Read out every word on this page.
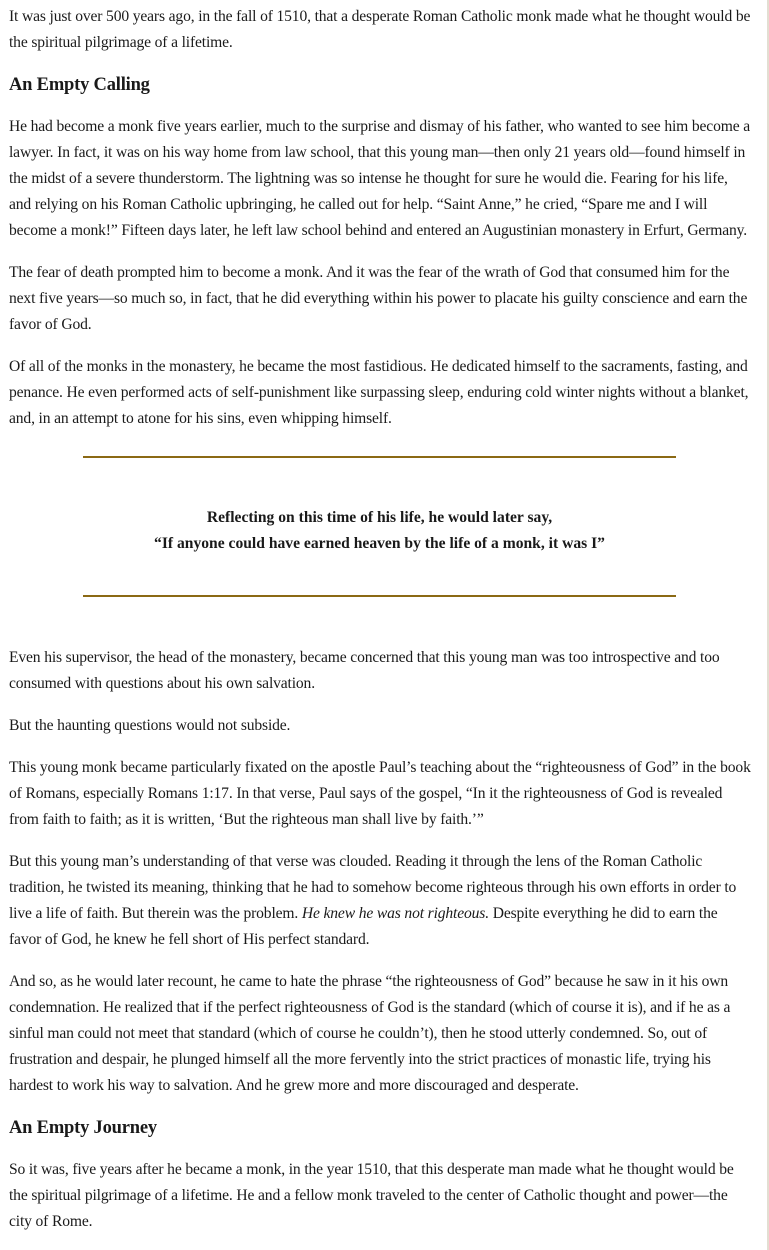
It was just over 500 years ago, in the fall of 1510, that a desperate Roman Catholic monk made what he thought would be the spiritual pilgrimage of a lifetime.

An Empty Calling

He had become a monk five years earlier, much to the surprise and dismay of his father, who wanted to see him become a lawyer. In fact, it was on his way home from law school, that this young man—then only 21 years old—found himself in the midst of a severe thunderstorm. The lightning was so intense he thought for sure he would die. Fearing for his life, and relying on his Roman Catholic upbringing, he called out for help. “Saint Anne,” he cried, “Spare me and I will become a monk!” Fifteen days later, he left law school behind and entered an Augustinian monastery in Erfurt, Germany.

The fear of death prompted him to become a monk. And it was the fear of the wrath of God that consumed him for the next five years—so much so, in fact, that he did everything within his power to placate his guilty conscience and earn the favor of God.

Of all of the monks in the monastery, he became the most fastidious. He dedicated himself to the sacraments, fasting, and penance. He even performed acts of self-punishment like surpassing sleep, enduring cold winter nights without a blanket, and, in an attempt to atone for his sins, even whipping himself.

Reflecting on this time of his life, he would later say,
“If anyone could have earned heaven by the life of a monk, it was I”

Even his supervisor, the head of the monastery, became concerned that this young man was too introspective and too consumed with questions about his own salvation.

But the haunting questions would not subside.

This young monk became particularly fixated on the apostle Paul’s teaching about the “righteousness of God” in the book of Romans, especially Romans 1:17. In that verse, Paul says of the gospel, “In it the righteousness of God is revealed from faith to faith; as it is written, ‘But the righteous man shall live by faith.’”

But this young man’s understanding of that verse was clouded. Reading it through the lens of the Roman Catholic tradition, he twisted its meaning, thinking that he had to somehow become righteous through his own efforts in order to live a life of faith. But therein was the problem. He knew he was not righteous. Despite everything he did to earn the favor of God, he knew he fell short of His perfect standard.

And so, as he would later recount, he came to hate the phrase “the righteousness of God” because he saw in it his own condemnation. He realized that if the perfect righteousness of God is the standard (which of course it is), and if he as a sinful man could not meet that standard (which of course he couldn’t), then he stood utterly condemned. So, out of frustration and despair, he plunged himself all the more fervently into the strict practices of monastic life, trying his hardest to work his way to salvation. And he grew more and more discouraged and desperate.

An Empty Journey

So it was, five years after he became a monk, in the year 1510, that this desperate man made what he thought would be the spiritual pilgrimage of a lifetime. He and a fellow monk traveled to the center of Catholic thought and power—the city of Rome.
